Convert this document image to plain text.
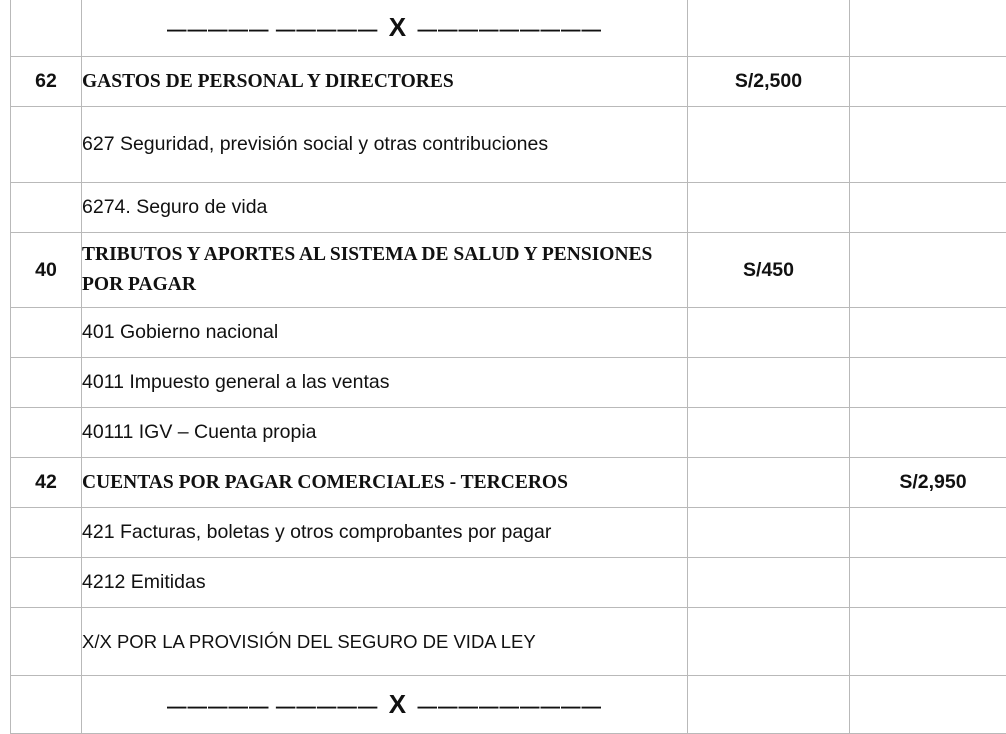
	————— ————— X —————————		
62	GASTOS DE PERSONAL Y DIRECTORES	S/2,500	
	627 Seguridad, previsión social y otras contribuciones		
	6274. Seguro de vida		
40	TRIBUTOS Y APORTES AL SISTEMA DE SALUD Y PENSIONES POR PAGAR	S/450	
	401 Gobierno nacional		
	4011 Impuesto general a las ventas		
	40111 IGV – Cuenta propia		
42	CUENTAS POR PAGAR COMERCIALES - TERCEROS		S/2,950
	421 Facturas, boletas y otros comprobantes por pagar		
	4212 Emitidas		
	X/X POR LA PROVISIÓN DEL SEGURO DE VIDA LEY		
	————— ————— X —————————		
